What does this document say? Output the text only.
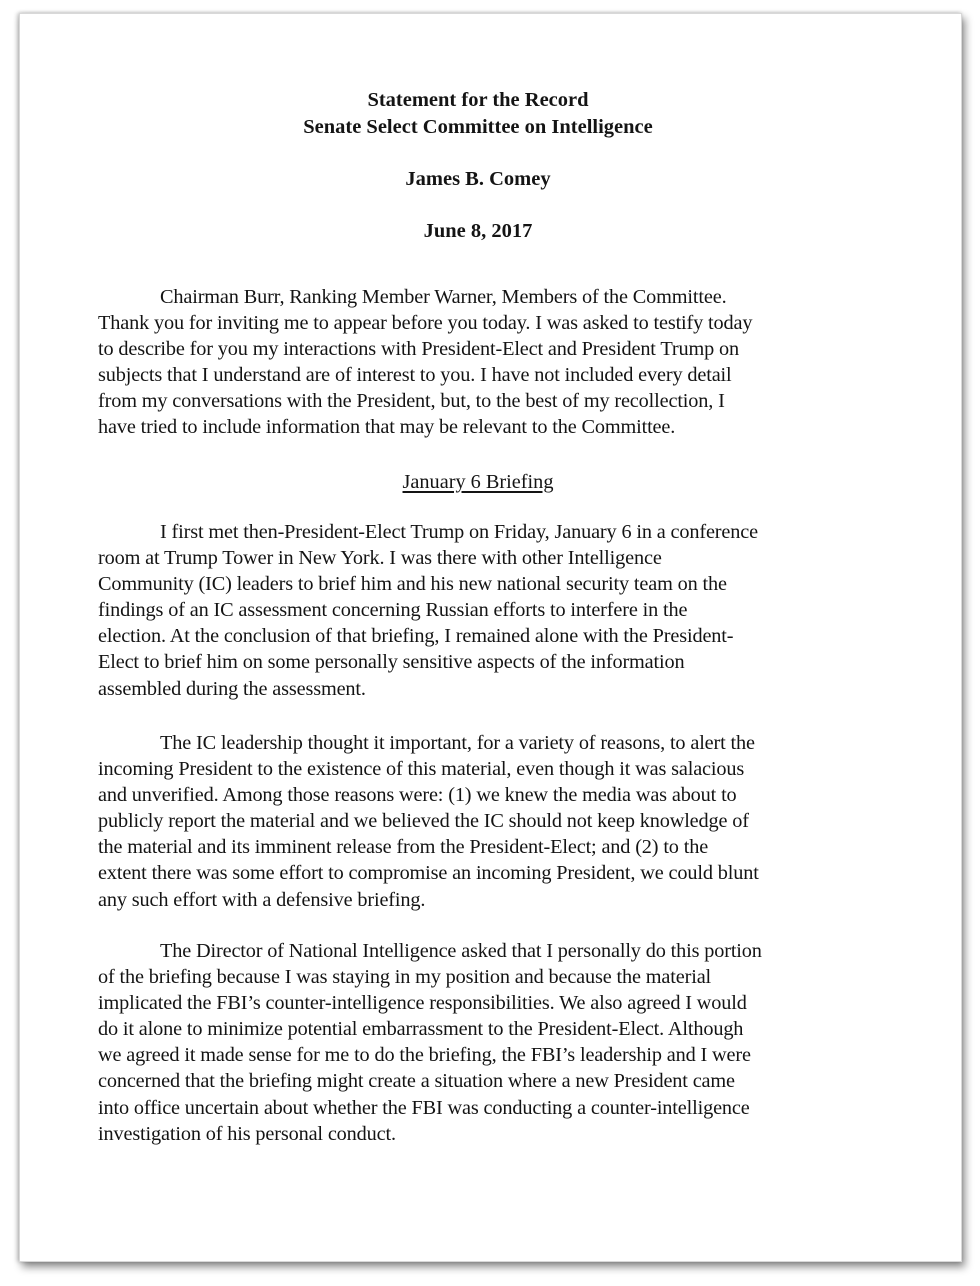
Statement for the Record

Senate Select Committee on Intelligence

James B. Comey

June 8, 2017

Chairman Burr, Ranking Member Warner, Members of the Committee.
Thank you for inviting me to appear before you today. I was asked to testify today
to describe for you my interactions with President-Elect and President Trump on
subjects that I understand are of interest to you. I have not included every detail
from my conversations with the President, but, to the best of my recollection, I
have tried to include information that may be relevant to the Committee.
January 6 Briefing
I first met then-President-Elect Trump on Friday, January 6 in a conference
room at Trump Tower in New York. I was there with other Intelligence
Community (IC) leaders to brief him and his new national security team on the
findings of an IC assessment concerning Russian efforts to interfere in the
election. At the conclusion of that briefing, I remained alone with the President-
Elect to brief him on some personally sensitive aspects of the information
assembled during the assessment.
The IC leadership thought it important, for a variety of reasons, to alert the
incoming President to the existence of this material, even though it was salacious
and unverified. Among those reasons were: (1) we knew the media was about to
publicly report the material and we believed the IC should not keep knowledge of
the material and its imminent release from the President-Elect; and (2) to the
extent there was some effort to compromise an incoming President, we could blunt
any such effort with a defensive briefing.
The Director of National Intelligence asked that I personally do this portion
of the briefing because I was staying in my position and because the material
implicated the FBI’s counter-intelligence responsibilities. We also agreed I would
do it alone to minimize potential embarrassment to the President-Elect. Although
we agreed it made sense for me to do the briefing, the FBI’s leadership and I were
concerned that the briefing might create a situation where a new President came
into office uncertain about whether the FBI was conducting a counter-intelligence
investigation of his personal conduct.
